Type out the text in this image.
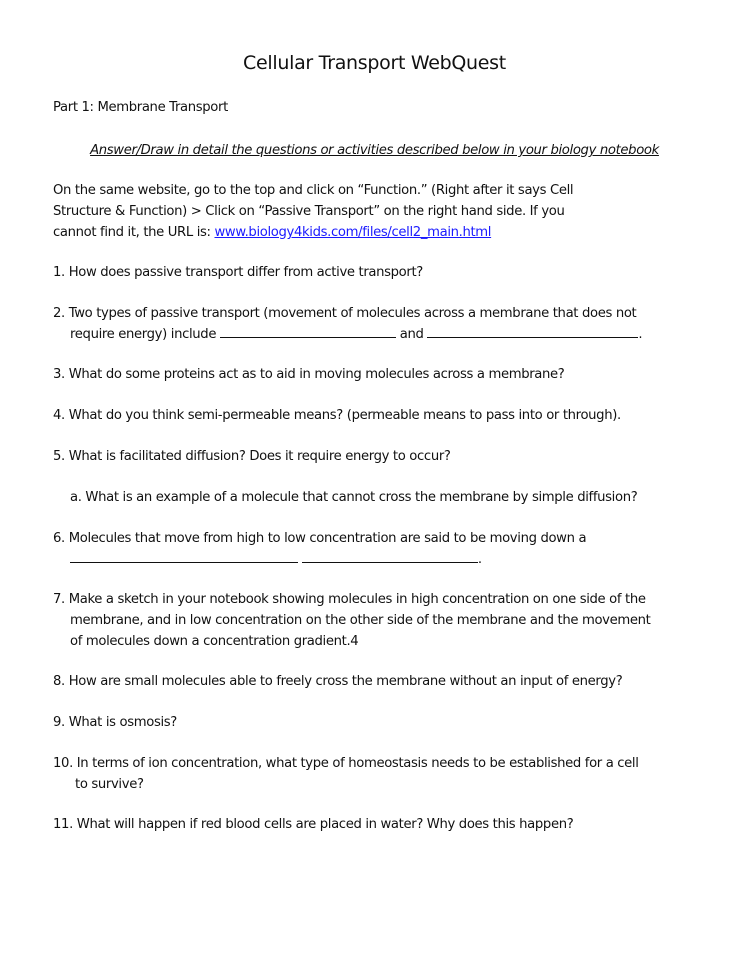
Cellular Transport WebQuest
Part 1: Membrane Transport
Answer/Draw in detail the questions or activities described below in your biology notebook
On the same website, go to the top and click on “Function.” (Right after it says Cell
Structure & Function) > Click on “Passive Transport” on the right hand side. If you
cannot find it, the URL is: www.biology4kids.com/files/cell2_main.html
1. How does passive transport differ from active transport?
2. Two types of passive transport (movement of molecules across a membrane that does not
require energy) include	and	.
3. What do some proteins act as to aid in moving molecules across a membrane?
4. What do you think semi-permeable means? (permeable means to pass into or through).
5. What is facilitated diffusion? Does it require energy to occur?
a. What is an example of a molecule that cannot cross the membrane by simple diffusion?
6. Molecules that move from high to low concentration are said to be moving down a
.
7. Make a sketch in your notebook showing molecules in high concentration on one side of the
membrane, and in low concentration on the other side of the membrane and the movement
of molecules down a concentration gradient.4
8. How are small molecules able to freely cross the membrane without an input of energy?
9. What is osmosis?
10. In terms of ion concentration, what type of homeostasis needs to be established for a cell
to survive?
11. What will happen if red blood cells are placed in water? Why does this happen?
